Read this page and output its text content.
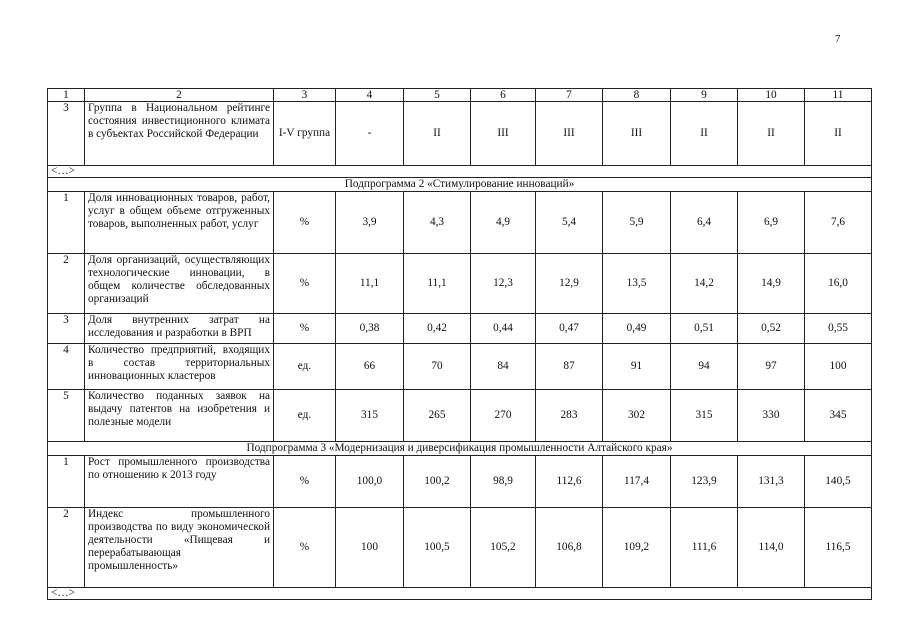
7
1	2	3	4	5	6	7	8	9	10	11
3	Группа в Национальном рейтинге состояния инвестиционного климата в субъектах Российской Федерации	I-V группа	-	II	III	III	III	II	II	II
<…>										
Подпрограмма 2 «Стимулирование инноваций»										
1	Доля инновационных товаров, работ, услуг в общем объеме отгруженных товаров, выполненных работ, услуг	%	3,9	4,3	4,9	5,4	5,9	6,4	6,9	7,6
2	Доля организаций, осуществляющих технологические инновации, в общем количестве обследованных организаций	%	11,1	11,1	12,3	12,9	13,5	14,2	14,9	16,0
3	Доля внутренних затрат на исследования и разработки в ВРП	%	0,38	0,42	0,44	0,47	0,49	0,51	0,52	0,55
4	Количество предприятий, входящих в состав территориальных инновационных кластеров	ед.	66	70	84	87	91	94	97	100
5	Количество поданных заявок на выдачу патентов на изобретения и полезные модели	ед.	315	265	270	283	302	315	330	345
Подпрограмма 3 «Модернизация и диверсификация промышленности Алтайского края»										
1	Рост промышленного производства по отношению к 2013 году	%	100,0	100,2	98,9	112,6	117,4	123,9	131,3	140,5
2	Индекс промышленного производства по виду экономической деятельности «Пищевая и перерабатывающая промышленность»	%	100	100,5	105,2	106,8	109,2	111,6	114,0	116,5
<…>										
